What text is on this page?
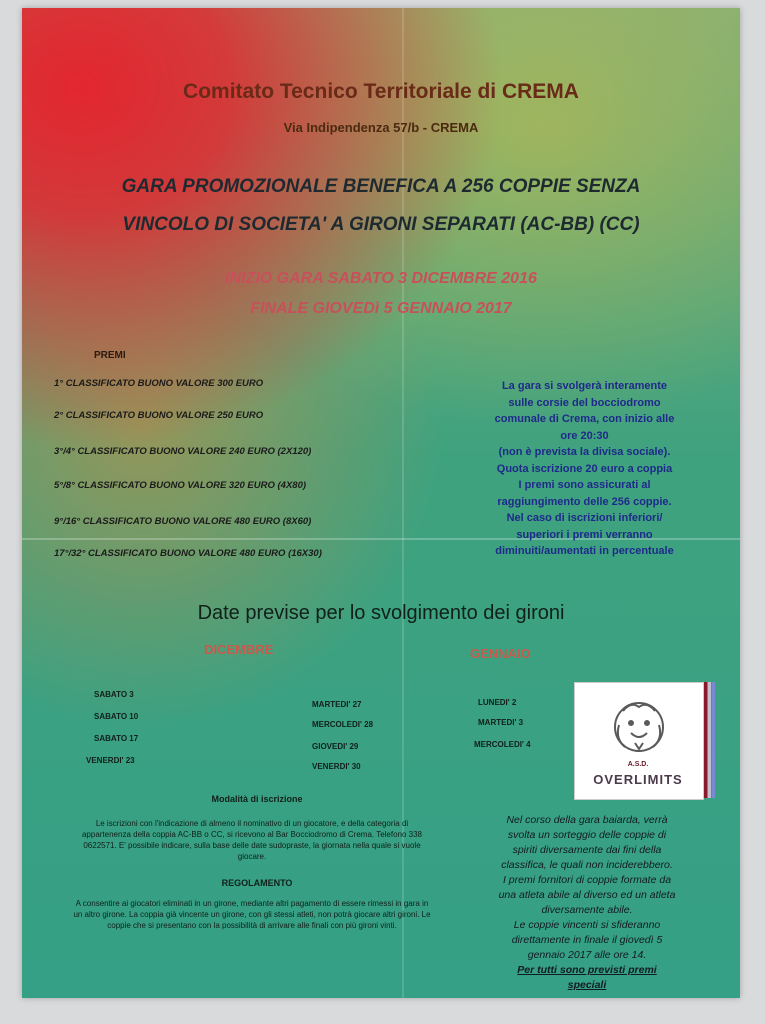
Comitato Tecnico Territoriale di CREMA
Via Indipendenza 57/b - CREMA
GARA PROMOZIONALE BENEFICA A 256 COPPIE SENZA
VINCOLO DI SOCIETA' A GIRONI SEPARATI (AC-BB) (CC)
INIZIO GARA SABATO 3 DICEMBRE 2016
FINALE GIOVEDì 5 GENNAIO 2017
PREMI
1° CLASSIFICATO BUONO VALORE 300 EURO
2° CLASSIFICATO BUONO VALORE 250 EURO
3°/4° CLASSIFICATO BUONO VALORE 240 EURO (2X120)
5°/8° CLASSIFICATO BUONO VALORE 320 EURO (4X80)
9°/16° CLASSIFICATO BUONO VALORE 480 EURO (8X60)
17°/32° CLASSIFICATO BUONO VALORE 480 EURO (16X30)
La gara si svolgerà interamente
sulle corsie del bocciodromo
comunale di Crema, con inizio alle
ore 20:30
(non è prevista la divisa sociale).
Quota iscrizione 20 euro a coppia
I premi sono assicurati al
raggiungimento delle 256 coppie.
Nel caso di iscrizioni inferiori/
superiori i premi verranno
diminuiti/aumentati in percentuale
Date previse per lo svolgimento dei gironi
DICEMBRE	GENNAIO
SABATO 3
SABATO 10
SABATO 17
VENERDI' 23
MARTEDI' 27
MERCOLEDI' 28
GIOVEDI' 29
VENERDI' 30
LUNEDI' 2
MARTEDI' 3
MERCOLEDI' 4
A.S.D.
OVERLIMITS
Modalità di iscrizione
Le iscrizioni con l'indicazione di almeno il nominativo di un giocatore, e della categoria di appartenenza della coppia AC-BB o CC, si ricevono al Bar Bocciodromo di Crema. Telefono 338 0622571. E' possibile indicare, sulla base delle date sudopraste, la giornata nella quale si vuole giocare.
REGOLAMENTO
A consentire ai giocatori eliminati in un girone, mediante altri pagamento di essere rimessi in gara in un altro girone. La coppia già vincente un girone, con gli stessi atleti, non potrà giocare altri gironi. Le coppie che si presentano con la possibilità di arrivare alle finali con più gironi vinti.
Nel corso della gara baiarda, verrà
svolta un sorteggio delle coppie di
spiriti diversamente dai fini della
classifica, le quali non inciderebbero.
I premi fornitori di coppie formate da
una atleta abile al diverso ed un atleta
diversamente abile.
Le coppie vincenti si sfideranno
direttamente in finale il giovedì 5
gennaio 2017 alle ore 14.
Per tutti sono previsti premi
speciali
